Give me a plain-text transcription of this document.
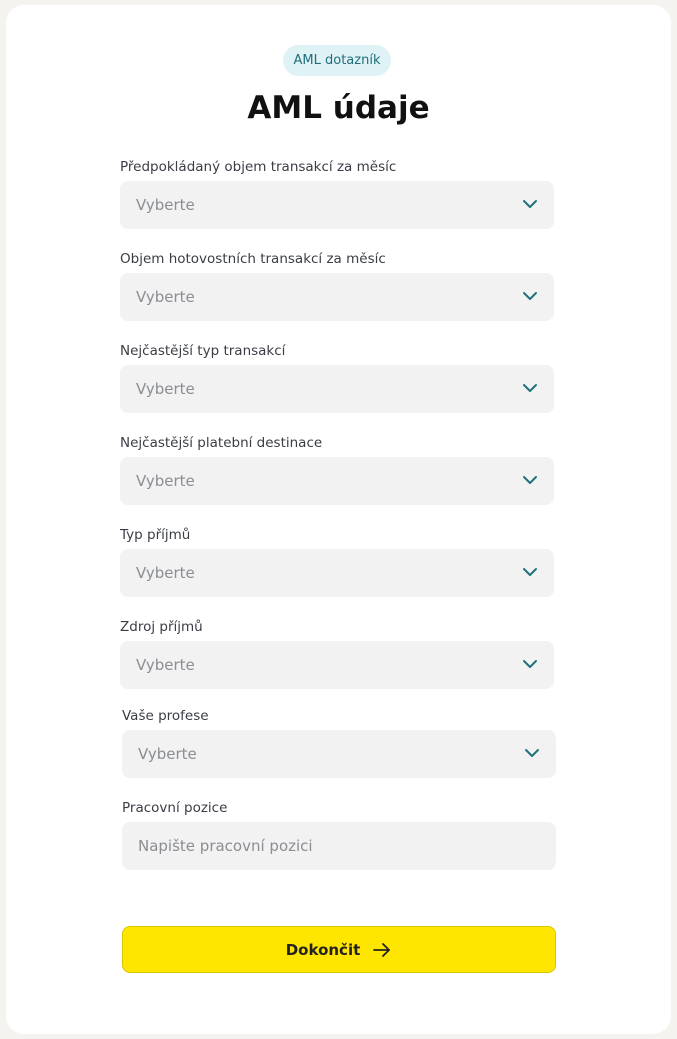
AML dotazník
AML údaje
Předpokládaný objem transakcí za měsíc
Vyberte
Objem hotovostních transakcí za měsíc
Vyberte
Nejčastější typ transakcí
Vyberte
Nejčastější platební destinace
Vyberte
Typ příjmů
Vyberte
Zdroj příjmů
Vyberte
Vaše profese
Vyberte
Pracovní pozice
Napište pracovní pozici
Dokončit
